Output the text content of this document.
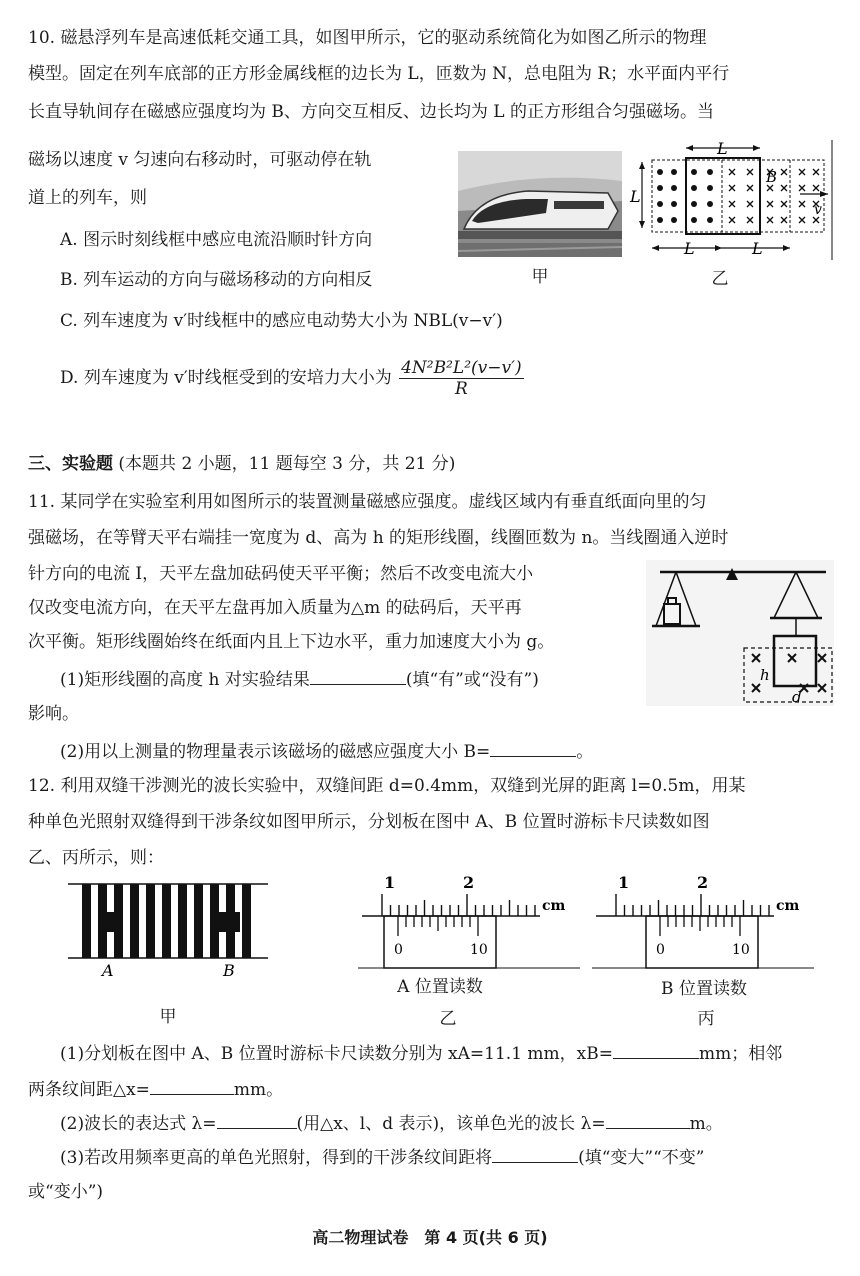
10. 磁悬浮列车是高速低耗交通工具，如图甲所示，它的驱动系统简化为如图乙所示的物理
模型。固定在列车底部的正方形金属线框的边长为 L，匝数为 N，总电阻为 R；水平面内平行
长直导轨间存在磁感应强度均为 B、方向交互相反、边长均为 L 的正方形组合匀强磁场。当
磁场以速度 v 匀速向右移动时，可驱动停在轨
道上的列车，则
A. 图示时刻线框中感应电流沿顺时针方向
B. 列车运动的方向与磁场移动的方向相反
C. 列车速度为 v′时线框中的感应电动势大小为 NBL(v−v′)
D. 列车速度为 v′时线框受到的安培力大小为 $\frac{\text{4N²B²L²(v−v′)}}{R}$
甲
L
L
B
v
L	L
乙
三、实验题 (本题共 2 小题，11 题每空 3 分，共 21 分)
11. 某同学在实验室利用如图所示的装置测量磁感应强度。虚线区域内有垂直纸面向里的匀
强磁场，在等臂天平右端挂一宽度为 d、高为 h 的矩形线圈，线圈匝数为 n。当线圈通入逆时
针方向的电流 I，天平左盘加砝码使天平平衡；然后不改变电流大小
仅改变电流方向，在天平左盘再加入质量为△m 的砝码后，天平再
次平衡。矩形线圈始终在纸面内且上下边水平，重力加速度大小为 g。
(1)矩形线圈的高度 h 对实验结果	(填“有”或“没有”)
影响。
(2)用以上测量的物理量表示该磁场的磁感应强度大小 B=	。
h
d
12. 利用双缝干涉测光的波长实验中，双缝间距 d=0.4mm，双缝到光屏的距离 l=0.5m，用某
种单色光照射双缝得到干涉条纹如图甲所示，分划板在图中 A、B 位置时游标卡尺读数如图
乙、丙所示，则：
A	B
甲
1	2
cm
0	10
A 位置读数
乙
1	2
cm
0	10
B 位置读数
丙
(1)分划板在图中 A、B 位置时游标卡尺读数分别为 xA=11.1 mm，xB=	mm；相邻
两条纹间距△x=	mm。
(2)波长的表达式 λ=	(用△x、l、d 表示)，该单色光的波长 λ=	m。
(3)若改用频率更高的单色光照射，得到的干涉条纹间距将	(填“变大”“不变”
或“变小”)
高二物理试卷　第 4 页(共 6 页)
